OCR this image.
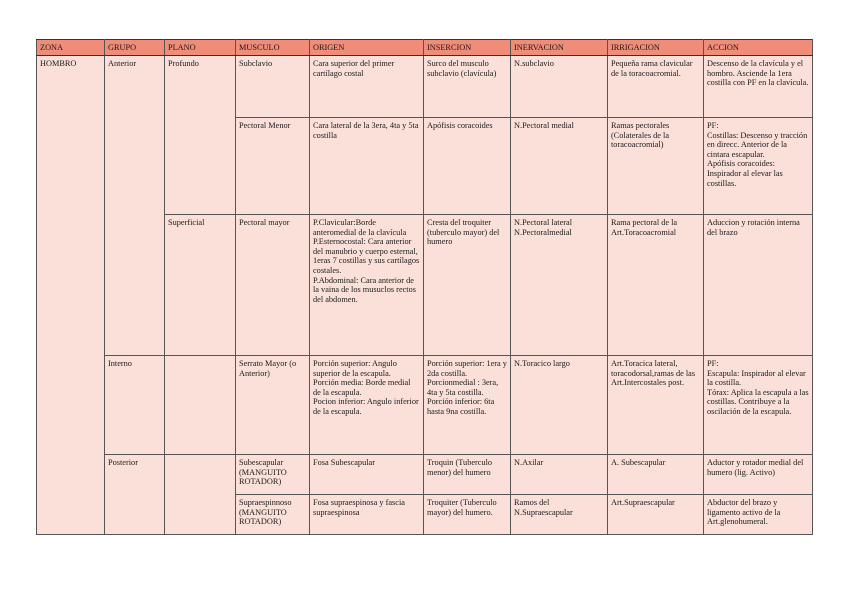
ZONA	GRUPO	PLANO	MUSCULO	ORIGEN	INSERCION	INERVACION	IRRIGACION	ACCION
HOMBRO	Anterior	Profundo	Subclavio	Cara superior del primer cartílago costal	Surco del musculo subclavio (clavícula)	N.subclavio	Pequeña rama clavicular de la toracoacromial.	Descenso de la clavícula y el hombro. Asciende la 1era costilla con PF en la clavícula.
			Pectoral Menor	Cara lateral de la 3era, 4ta y 5ta costilla	Apófisis coracoides	N.Pectoral medial	Ramas pectorales (Colaterales de la toracoacromial)	PF:
Costillas: Descenso y tracción en direcc. Anterior de la cintara escapular.
Apófisis coracoides: Inspirador al elevar las costillas.
		Superficial	Pectoral mayor	P.Clavicular:Borde anteromedial de la clavícula
P.Esternocostal: Cara anterior del manubrio y cuerpo esternal, 1eras 7 costillas y sus cartílagos costales.
P.Abdominal: Cara anterior de la vaina de los musuclos rectos del abdomen.	Cresta del troquiter (tuberculo mayor) del humero	N.Pectoral lateral
N.Pectoralmedial	Rama pectoral de la Art.Toracoacromial	Aduccion y rotación interna del brazo
	Interno		Serrato Mayor (o Anterior)	Porción superior: Angulo superior de la escapula.
Porción media: Borde medial de la escapula.
Pocion inferior: Angulo inferior de la escapula.	Porción superior: 1era y 2da costilla.
Porcionmedial : 3era, 4ta y 5ta costilla.
Porción inferior: 6ta hasta 9na costilla.	N.Toracico largo	Art.Toracica lateral, toracodorsal,ramas de las Art.Intercostales post.	PF:
Escapula: Inspirador al elevar la costilla.
Tórax: Aplica la escapula a las costillas. Contribuye a la oscilación de la escapula.
	Posterior		Subescapular (MANGUITO ROTADOR)	Fosa Subescapular	Troquin (Tuberculo menor) del humero	N.Axilar	A. Subescapular	Aductor y rotador medial del humero (lig. Activo)
			Supraespinnoso (MANGUITO ROTADOR)	Fosa supraespinosa y fascia supraespinosa	Troquiter (Tuberculo mayor) del humero.	Ramos del N.Supraescapular	Art.Supraescapular	Abductor del brazo y ligamento activo de la Art.glenohumeral.
